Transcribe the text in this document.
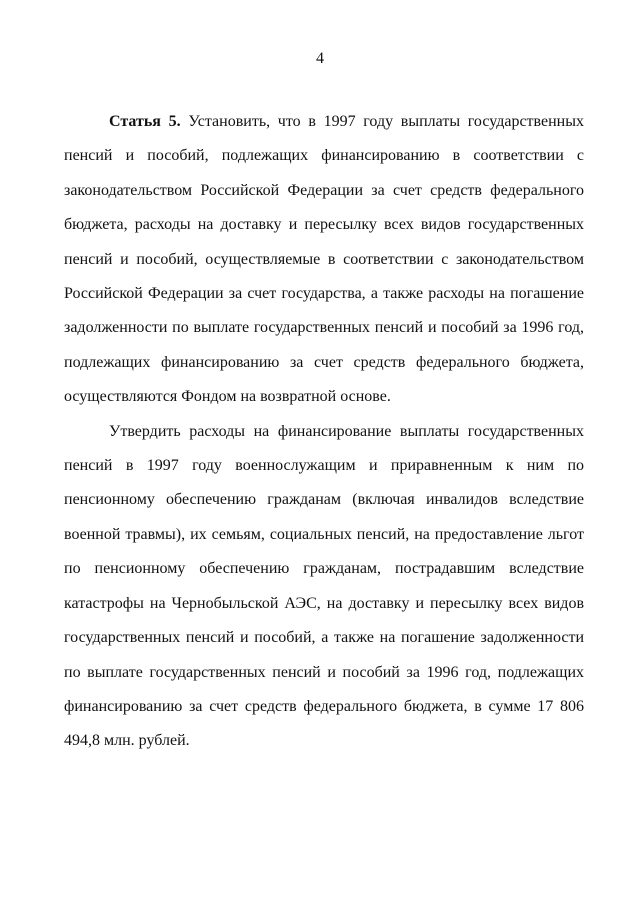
4

Статья 5. Установить, что в 1997 году выплаты государственных пенсий и пособий, подлежащих финансированию в соответствии с законодательством Российской Федерации за счет средств федерального бюджета, расходы на доставку и пересылку всех видов государственных пенсий и пособий, осуществляемые в соответствии с законодательством Российской Федерации за счет государства, а также расходы на погашение задолженности по выплате государственных пенсий и пособий за 1996 год, подлежащих финансированию за счет средств федерального бюджета, осуществляются Фондом на возвратной основе.

Утвердить расходы на финансирование выплаты государственных пенсий в 1997 году военнослужащим и приравненным к ним по пенсионному обеспечению гражданам (включая инвалидов вследствие военной травмы), их семьям, социальных пенсий, на предоставление льгот по пенсионному обеспечению гражданам, пострадавшим вследствие катастрофы на Чернобыльской АЭС, на доставку и пересылку всех видов государственных пенсий и пособий, а также на погашение задолженности по выплате государственных пенсий и пособий за 1996 год, подлежащих финансированию за счет средств федерального бюджета, в сумме 17 806 494,8 млн. рублей.
